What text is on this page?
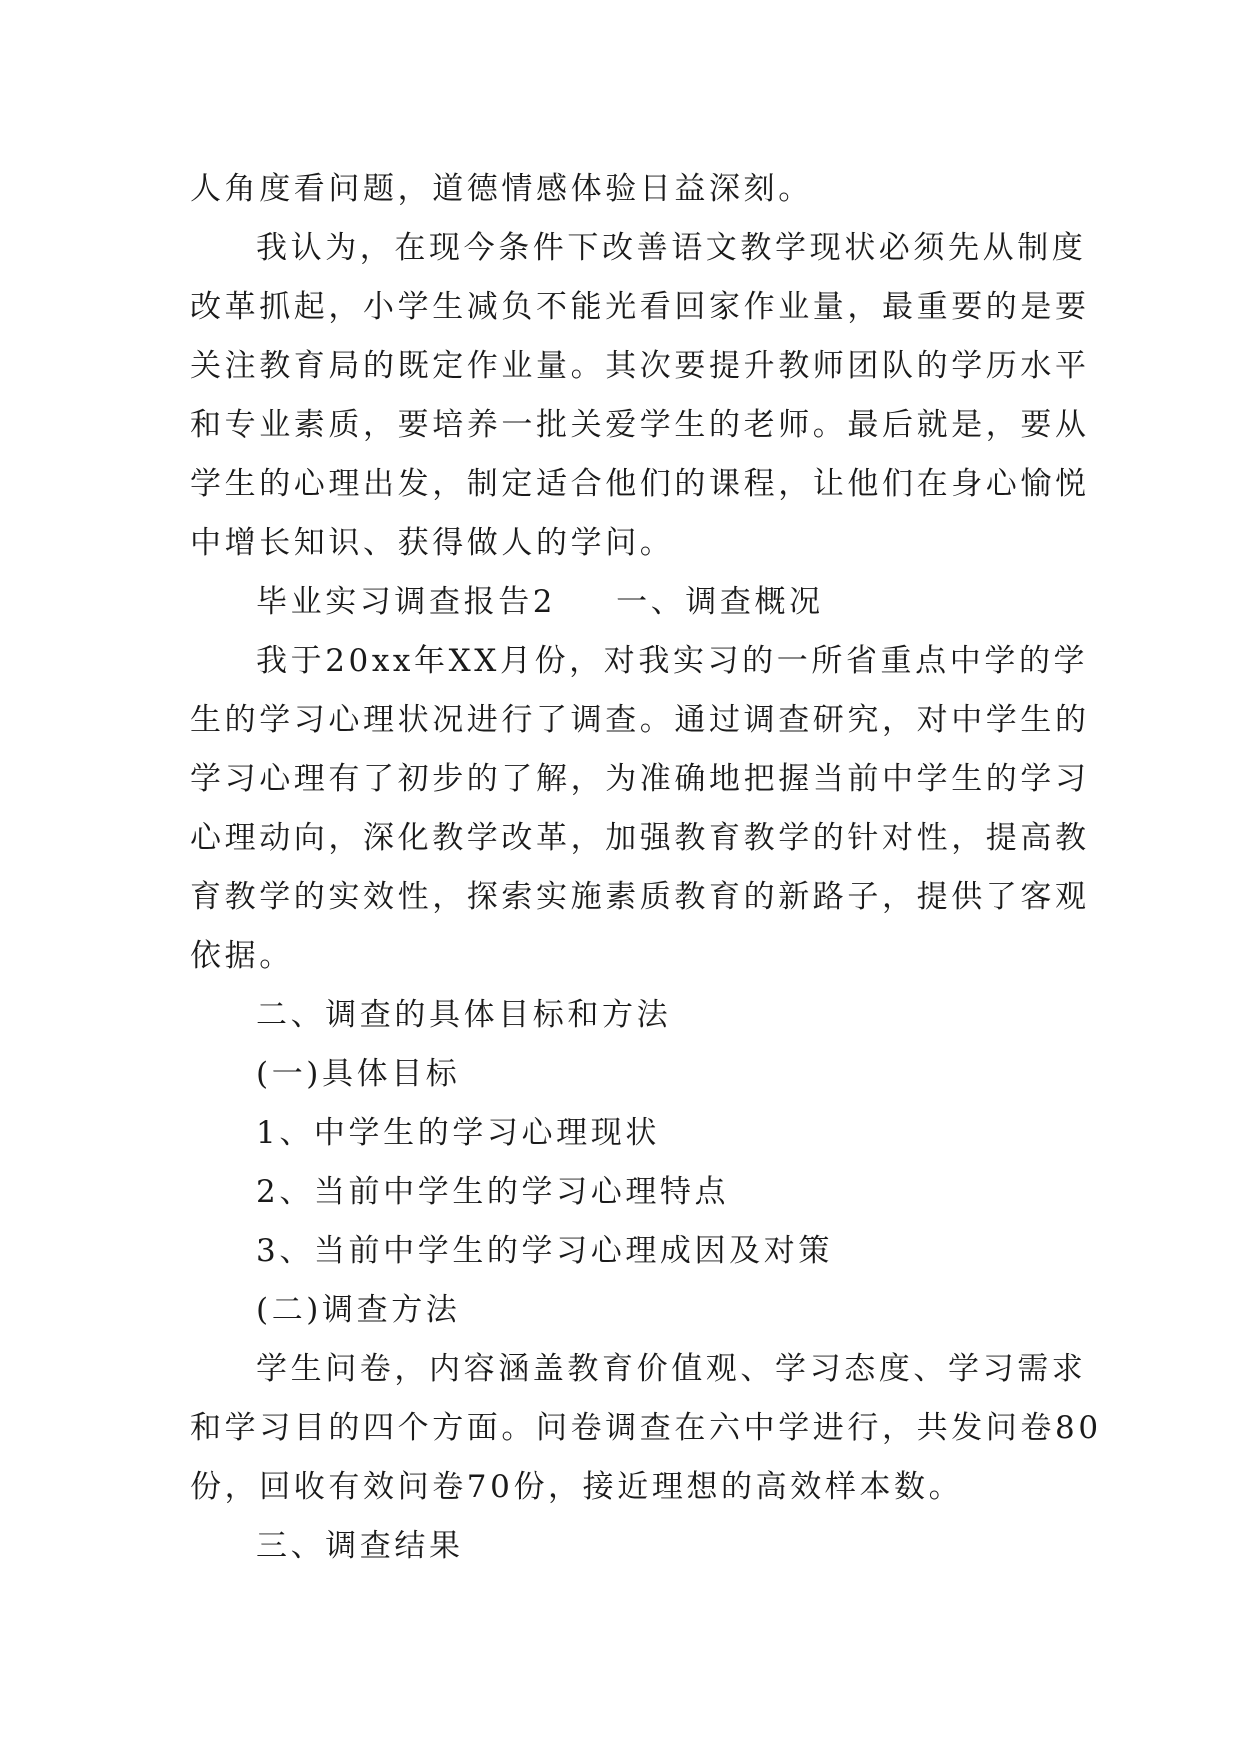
人角度看问题，道德情感体验日益深刻。
我认为，在现今条件下改善语文教学现状必须先从制度
改革抓起，小学生减负不能光看回家作业量，最重要的是要
关注教育局的既定作业量。其次要提升教师团队的学历水平
和专业素质，要培养一批关爱学生的老师。最后就是，要从
学生的心理出发，制定适合他们的课程，让他们在身心愉悦
中增长知识、获得做人的学问。
毕业实习调查报告2 一、调查概况
我于20xx年XX月份，对我实习的一所省重点中学的学
生的学习心理状况进行了调查。通过调查研究，对中学生的
学习心理有了初步的了解，为准确地把握当前中学生的学习
心理动向，深化教学改革，加强教育教学的针对性，提高教
育教学的实效性，探索实施素质教育的新路子，提供了客观
依据。
二、调查的具体目标和方法
(一)具体目标
1、中学生的学习心理现状
2、当前中学生的学习心理特点
3、当前中学生的学习心理成因及对策
(二)调查方法
学生问卷，内容涵盖教育价值观、学习态度、学习需求
和学习目的四个方面。问卷调查在六中学进行，共发问卷80
份，回收有效问卷70份，接近理想的高效样本数。
三、调查结果
